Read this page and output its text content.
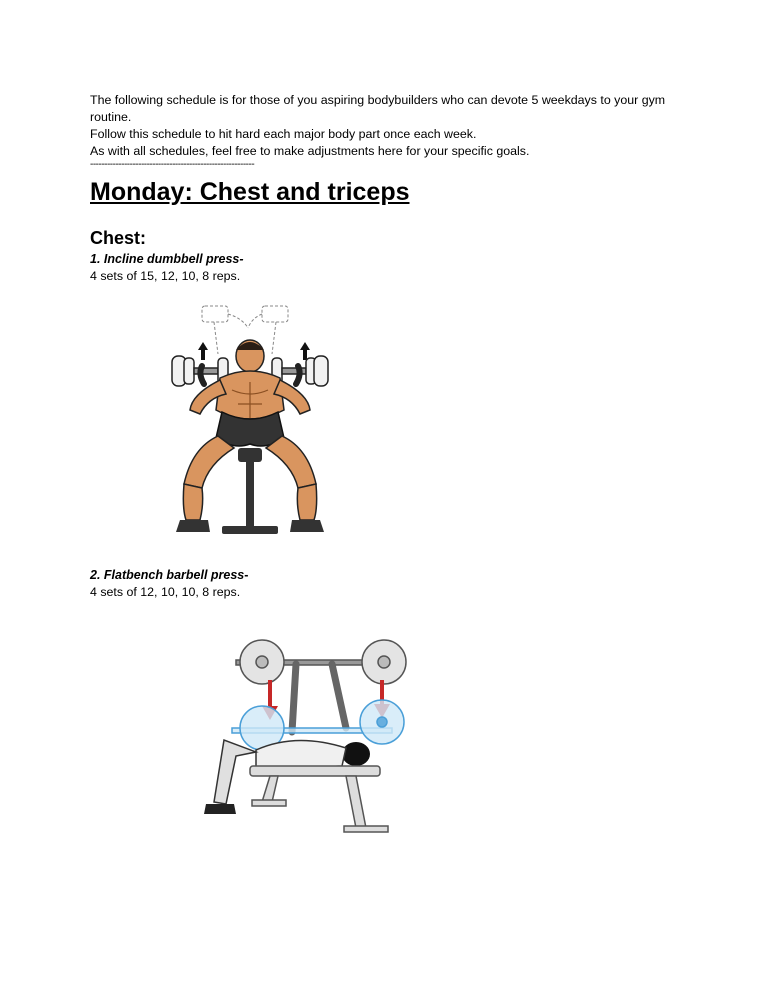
The following schedule is for those of you aspiring bodybuilders who can devote 5 weekdays to your gym routine.

Follow this schedule to hit hard each major body part once each week.

As with all schedules, feel free to make adjustments here for your specific goals.

----------------------------------------------------------

Monday: Chest and triceps
Chest:

1. Incline dumbbell press-

4 sets of 15, 12, 10, 8 reps.

2. Flatbench barbell press-

4 sets of 12, 10, 10, 8 reps.
